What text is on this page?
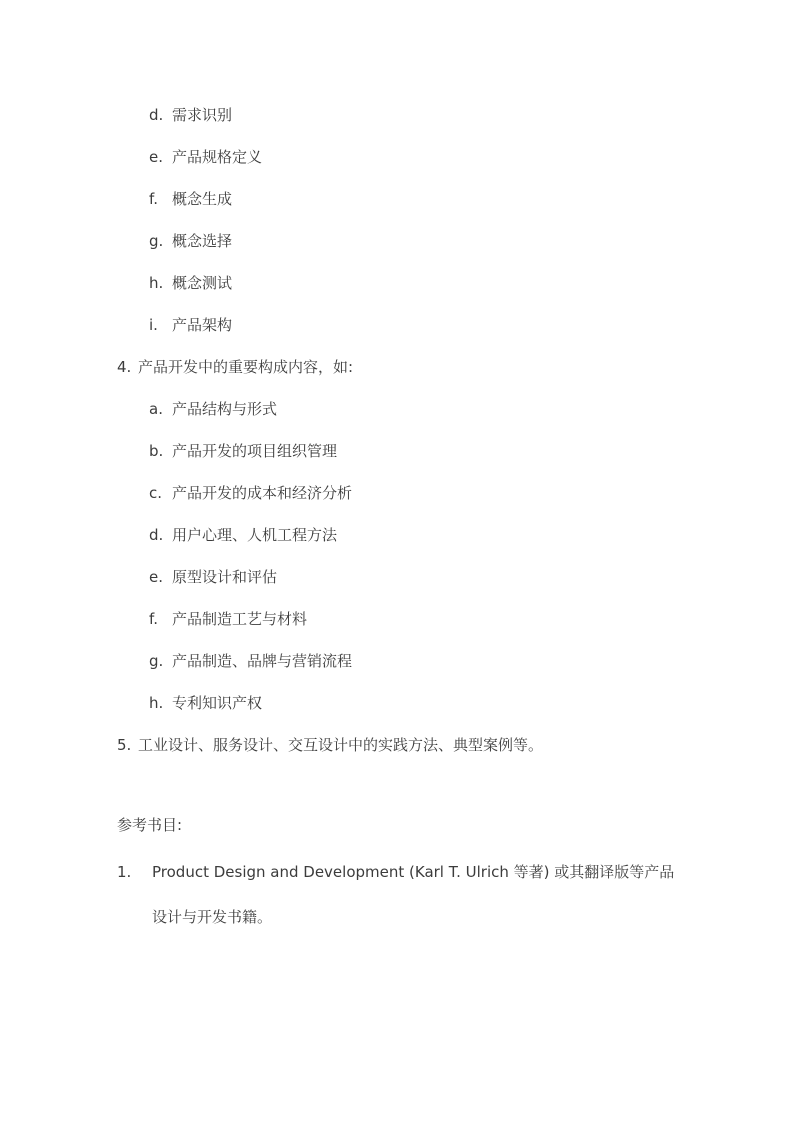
d. 需求识别

e. 产品规格定义

f. 概念生成

g. 概念选择

h. 概念测试

i. 产品架构

4. 产品开发中的重要构成内容，如:

a. 产品结构与形式

b. 产品开发的项目组织管理

c. 产品开发的成本和经济分析

d. 用户心理、人机工程方法

e. 原型设计和评估

f. 产品制造工艺与材料

g. 产品制造、品牌与营销流程

h. 专利知识产权

5. 工业设计、服务设计、交互设计中的实践方法、典型案例等。

参考书目:

1.	Product Design and Development (Karl T. Ulrich 等著) 或其翻译版等产品设计与开发书籍。
